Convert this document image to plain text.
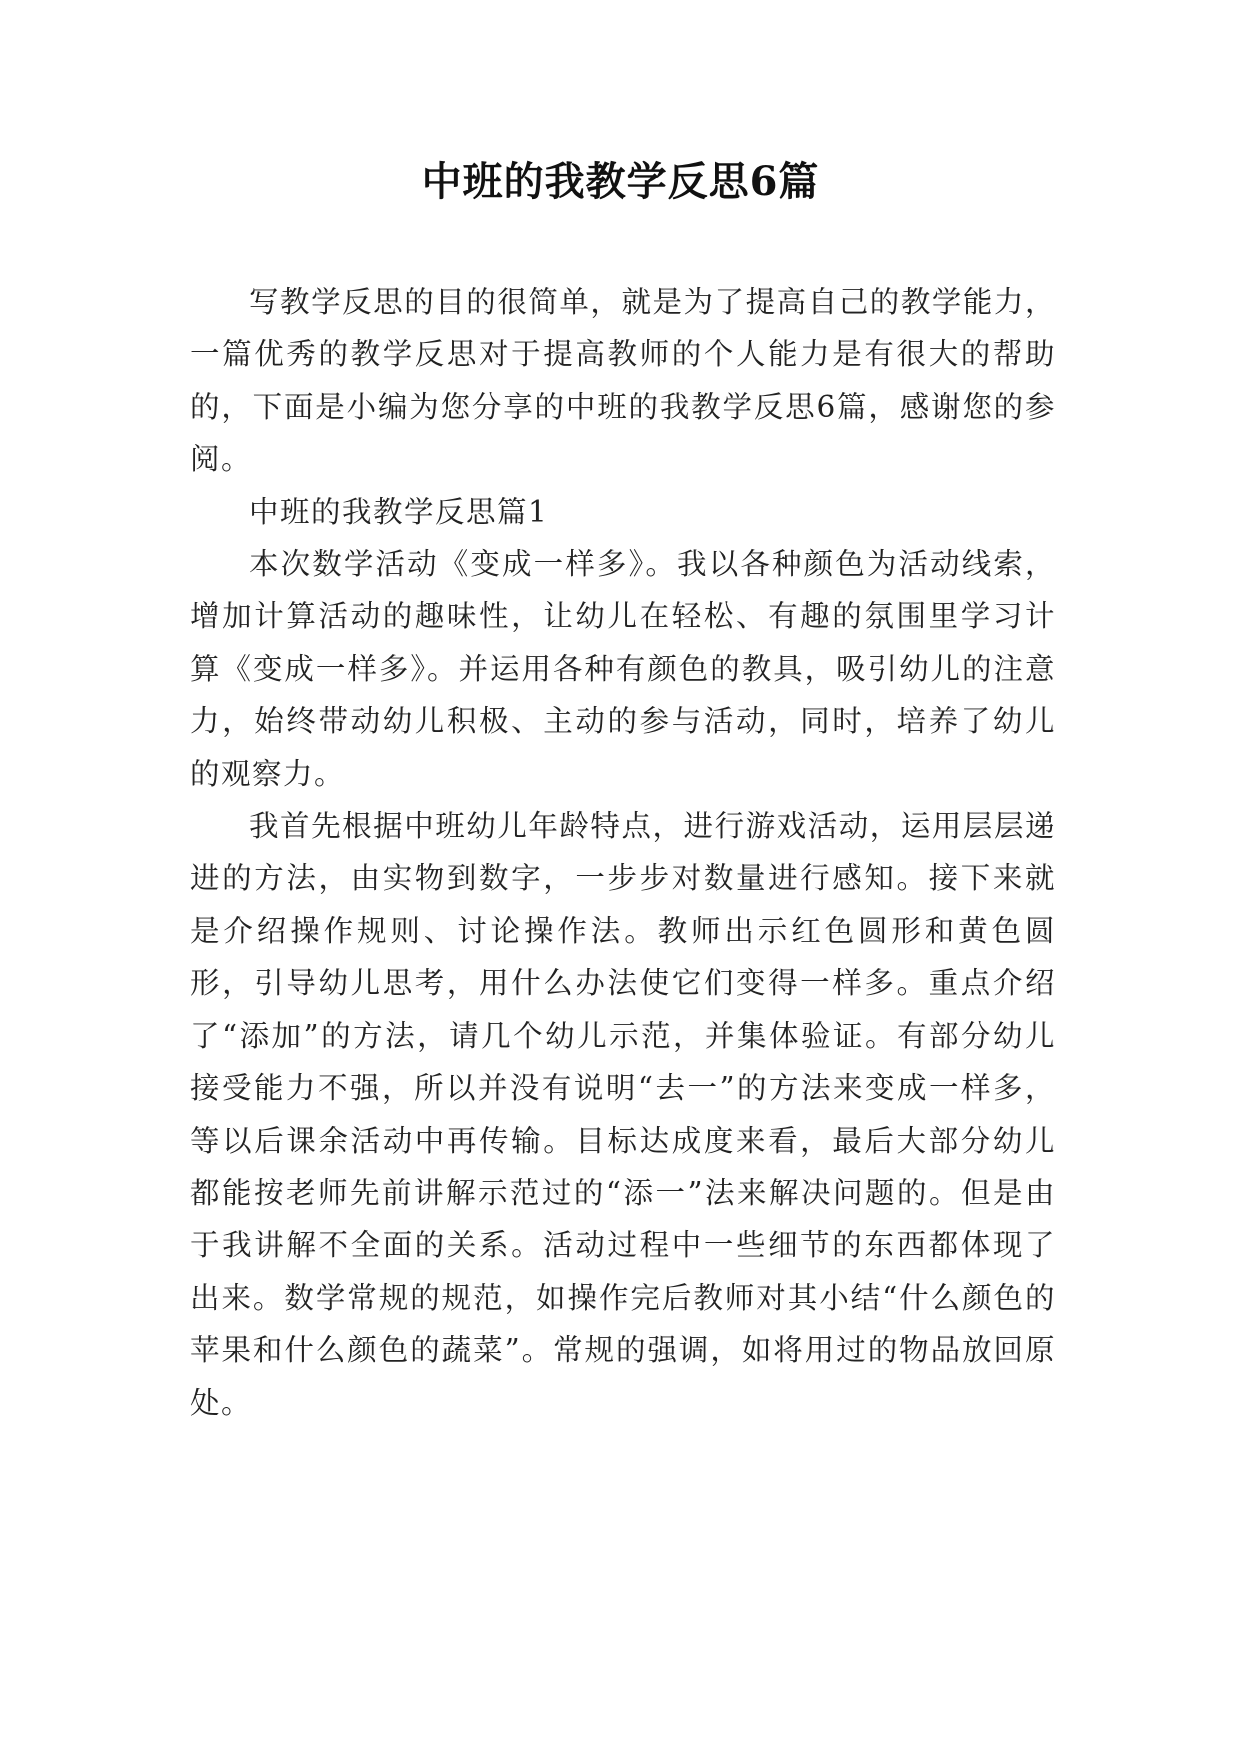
中班的我教学反思6篇

写教学反思的目的很简单，就是为了提高自己的教学能力，一篇优秀的教学反思对于提高教师的个人能力是有很大的帮助的，下面是小编为您分享的中班的我教学反思6篇，感谢您的参阅。

中班的我教学反思篇1

本次数学活动《变成一样多》。我以各种颜色为活动线索，增加计算活动的趣味性，让幼儿在轻松、有趣的氛围里学习计算《变成一样多》。并运用各种有颜色的教具，吸引幼儿的注意力，始终带动幼儿积极、主动的参与活动，同时，培养了幼儿的观察力。

我首先根据中班幼儿年龄特点，进行游戏活动，运用层层递进的方法，由实物到数字，一步步对数量进行感知。接下来就是介绍操作规则、讨论操作法。教师出示红色圆形和黄色圆形，引导幼儿思考，用什么办法使它们变得一样多。重点介绍了“添加”的方法，请几个幼儿示范，并集体验证。有部分幼儿接受能力不强，所以并没有说明“去一”的方法来变成一样多，等以后课余活动中再传输。目标达成度来看，最后大部分幼儿都能按老师先前讲解示范过的“添一”法来解决问题的。但是由于我讲解不全面的关系。活动过程中一些细节的东西都体现了出来。数学常规的规范，如操作完后教师对其小结“什么颜色的苹果和什么颜色的蔬菜”。常规的强调，如将用过的物品放回原处。
